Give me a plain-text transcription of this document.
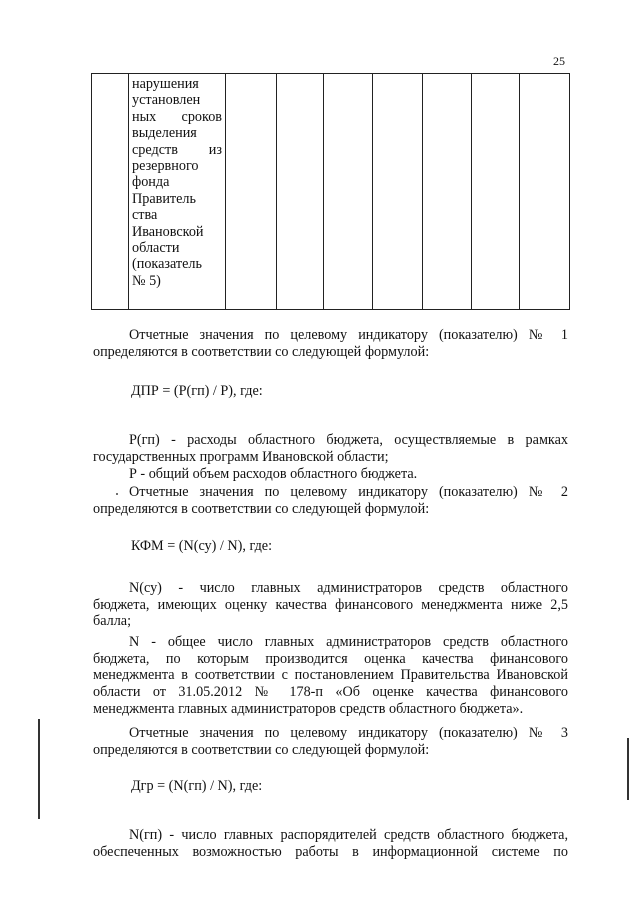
25

нарушения
установлен
ных сроков
выделения
средств из
резервного
фонда
Правитель
ства
Ивановской
области
(показатель
№ 5)

Отчетные значения по целевому индикатору (показателю) № 1
определяются в соответствии со следующей формулой:
ДПР = (Р(гп) / Р), где:
Р(гп) - расходы областного бюджета, осуществляемые в рамках
государственных программ Ивановской области;
Р - общий объем расходов областного бюджета.
Отчетные значения по целевому индикатору (показателю) № 2
определяются в соответствии со следующей формулой:
КФМ = (N(су) / N), где:
N(су) - число главных администраторов средств областного
бюджета, имеющих оценку качества финансового менеджмента ниже 2,5
балла;
N - общее число главных администраторов средств областного
бюджета, по которым производится оценка качества финансового
менеджмента в соответствии с постановлением Правительства Ивановской
области от 31.05.2012 № 178-п «Об оценке качества финансового
менеджмента главных администраторов средств областного бюджета».
Отчетные значения по целевому индикатору (показателю) № 3
определяются в соответствии со следующей формулой:
Дгр = (N(гп) / N), где:
N(гп) - число главных распорядителей средств областного бюджета,
обеспеченных возможностью работы в информационной системе по
